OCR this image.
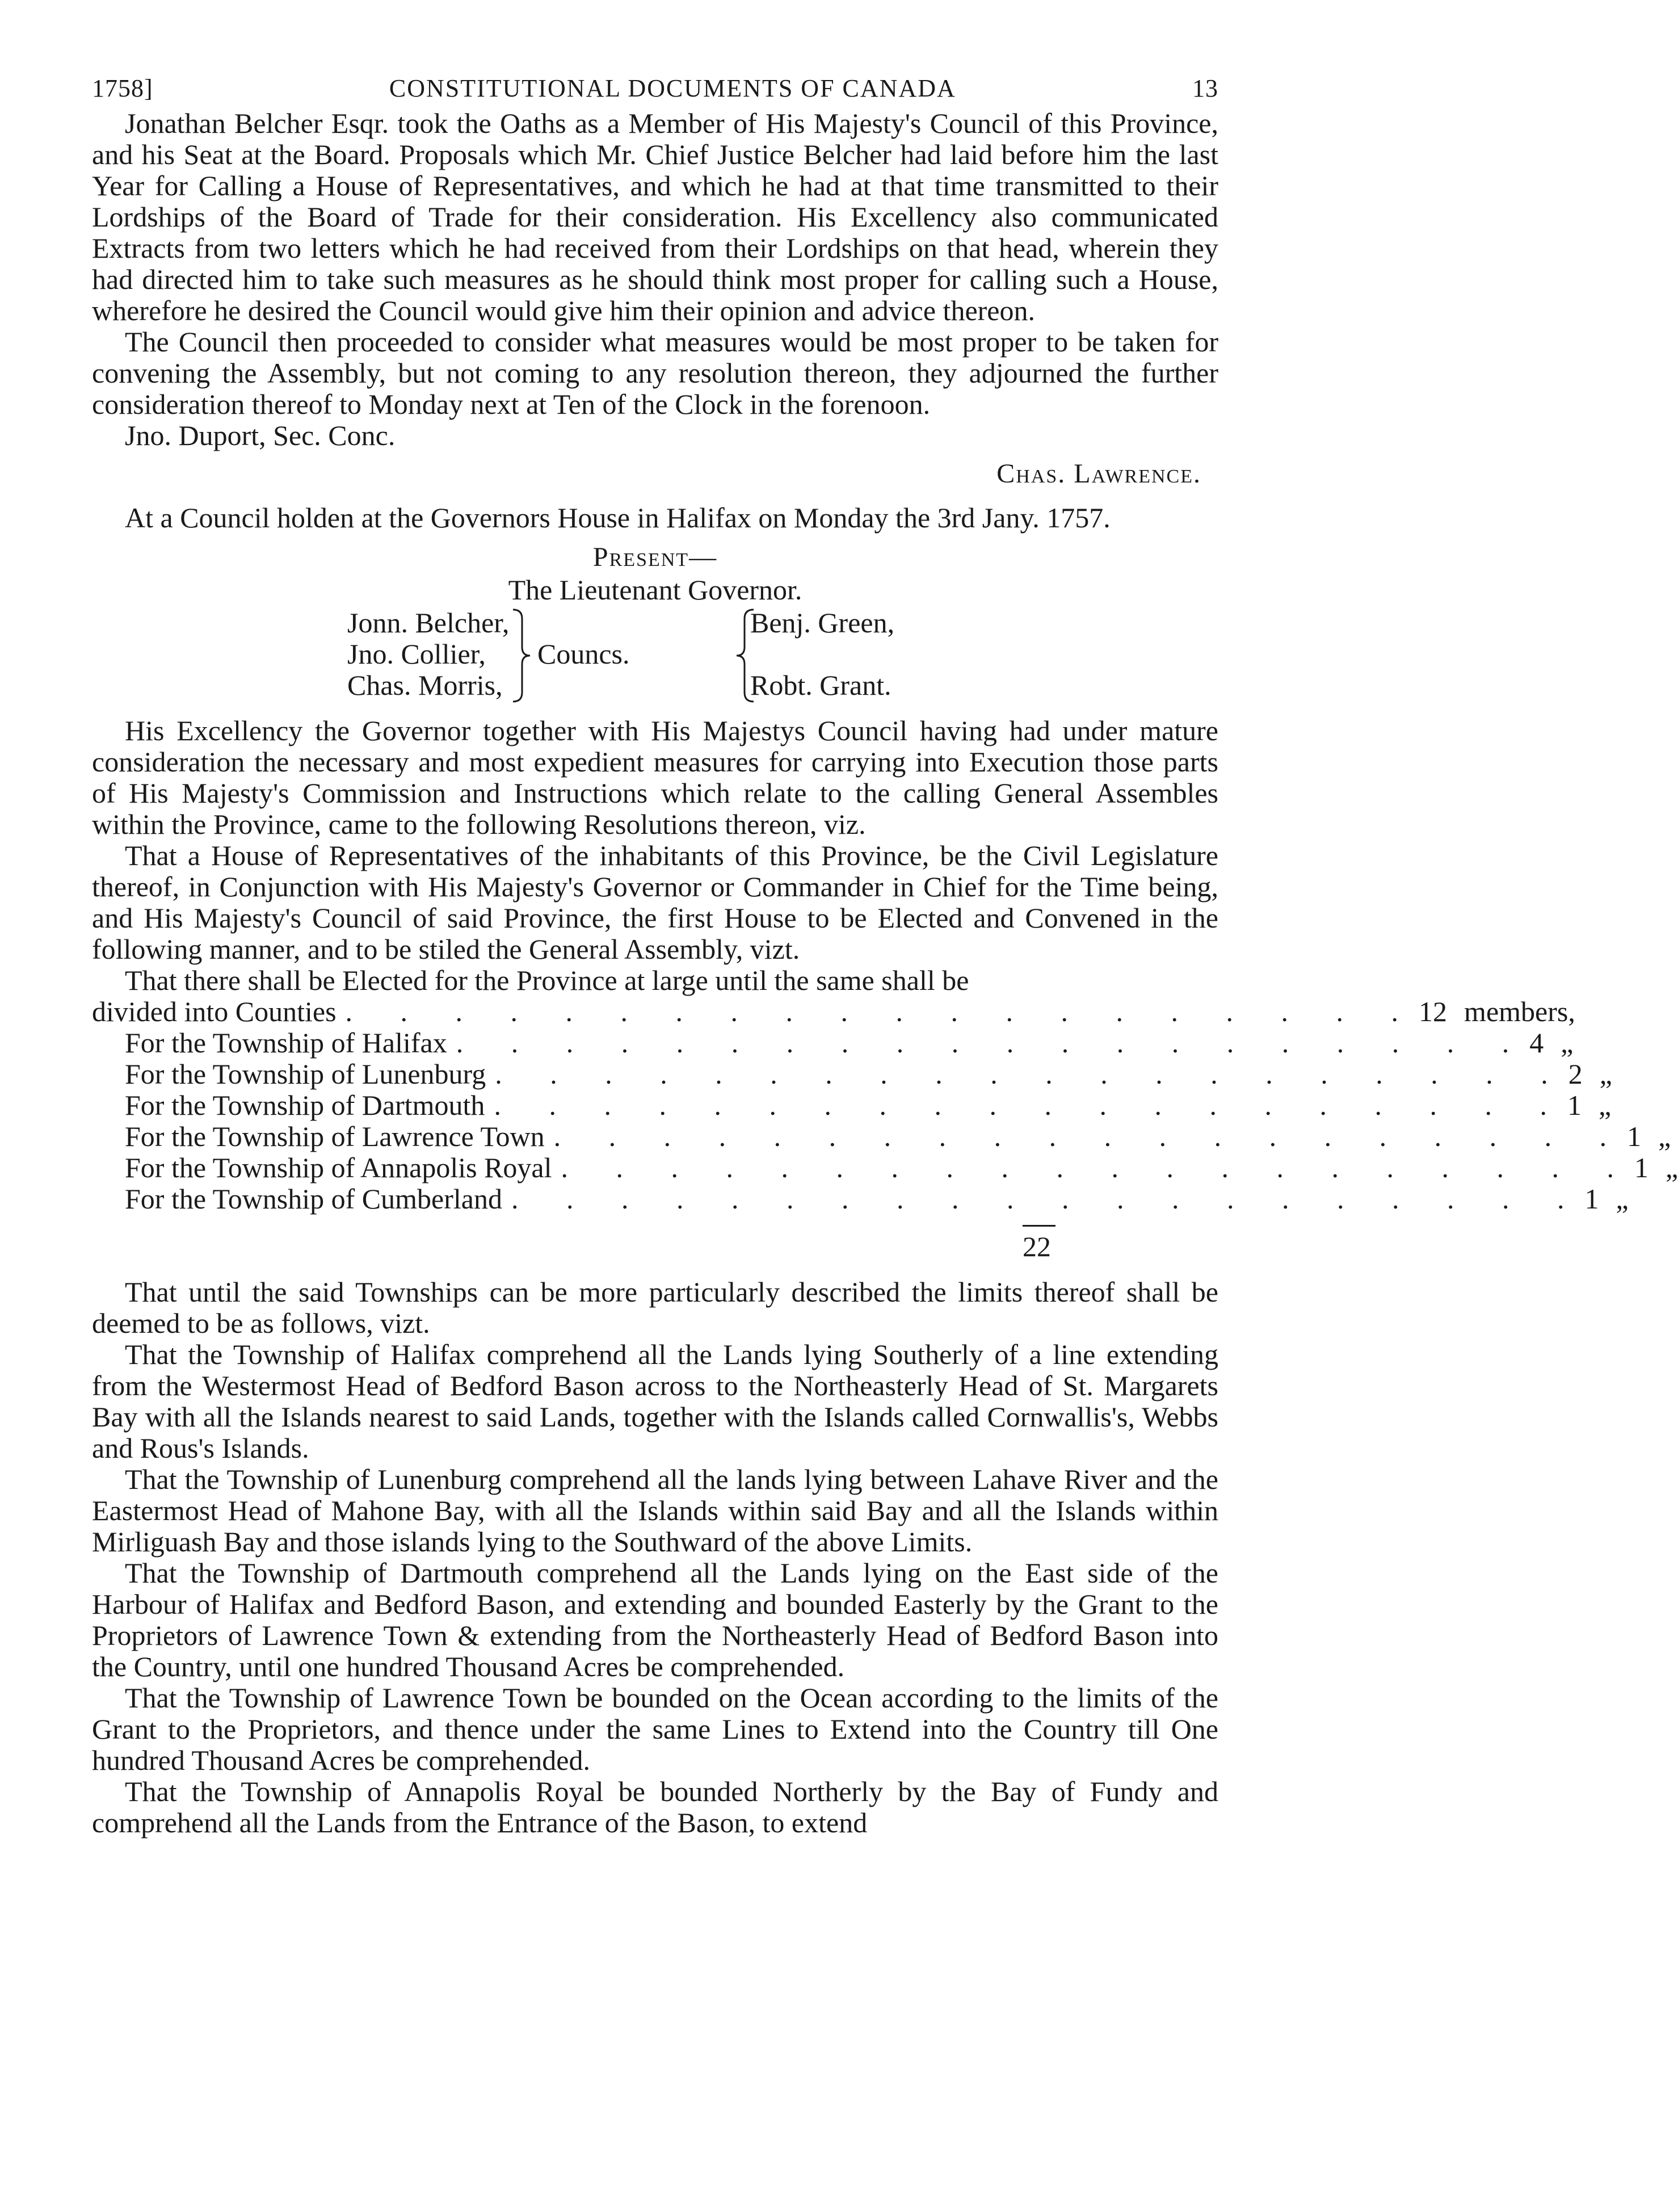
1758]	CONSTITUTIONAL DOCUMENTS OF CANADA	13

Jonathan Belcher Esqr. took the Oaths as a Member of His Majesty's Council of this Province, and his Seat at the Board. Proposals which Mr. Chief Justice Belcher had laid before him the last Year for Calling a House of Representatives, and which he had at that time transmitted to their Lordships of the Board of Trade for their consideration. His Excellency also communicated Extracts from two letters which he had received from their Lordships on that head, wherein they had directed him to take such measures as he should think most proper for calling such a House, wherefore he desired the Council would give him their opinion and advice thereon.

The Council then proceeded to consider what measures would be most proper to be taken for convening the Assembly, but not coming to any resolution thereon, they adjourned the further consideration thereof to Monday next at Ten of the Clock in the forenoon.

Jno. Duport, Sec. Conc.

Chas. Lawrence.

At a Council holden at the Governors House in Halifax on Monday the 3rd Jany. 1757.

Present—

The Lieutenant Governor.
Jonn. Belcher,
Jno. Collier,
Chas. Morris,
Councs.
Benj. Green,
Robt. Grant.

His Excellency the Governor together with His Majestys Council having had under mature consideration the necessary and most expedient measures for carrying into Execution those parts of His Majesty's Commission and Instructions which relate to the calling General Assembles within the Province, came to the following Resolutions thereon, viz.

That a House of Representatives of the inhabitants of this Province, be the Civil Legislature thereof, in Conjunction with His Majesty's Governor or Commander in Chief for the Time being, and His Majesty's Council of said Province, the first House to be Elected and Convened in the following manner, and to be stiled the General Assembly, vizt.

That there shall be Elected for the Province at large until the same shall be

divided into Counties . . . . . . . . . . . . . . . . . . . . 12 members,
For the Township of Halifax . . . . . . . . . . . . . . . . . . . . 4 „
For the Township of Lunenburg . . . . . . . . . . . . . . . . . . . . 2 „
For the Township of Dartmouth . . . . . . . . . . . . . . . . . . . . 1 „
For the Township of Lawrence Town . . . . . . . . . . . . . . . . . . . . 1 „
For the Township of Annapolis Royal . . . . . . . . . . . . . . . . . . . . 1 „
For the Township of Cumberland . . . . . . . . . . . . . . . . . . . . 1 „
22

That until the said Townships can be more particularly described the limits thereof shall be deemed to be as follows, vizt.

That the Township of Halifax comprehend all the Lands lying Southerly of a line extending from the Westermost Head of Bedford Bason across to the Northeasterly Head of St. Margarets Bay with all the Islands nearest to said Lands, together with the Islands called Cornwallis's, Webbs and Rous's Islands.

That the Township of Lunenburg comprehend all the lands lying between Lahave River and the Eastermost Head of Mahone Bay, with all the Islands within said Bay and all the Islands within Mirliguash Bay and those islands lying to the Southward of the above Limits.

That the Township of Dartmouth comprehend all the Lands lying on the East side of the Harbour of Halifax and Bedford Bason, and extending and bounded Easterly by the Grant to the Proprietors of Lawrence Town & extending from the Northeasterly Head of Bedford Bason into the Country, until one hundred Thousand Acres be comprehended.

That the Township of Lawrence Town be bounded on the Ocean according to the limits of the Grant to the Proprietors, and thence under the same Lines to Extend into the Country till One hundred Thousand Acres be comprehended.

That the Township of Annapolis Royal be bounded Northerly by the Bay of Fundy and comprehend all the Lands from the Entrance of the Bason, to extend
